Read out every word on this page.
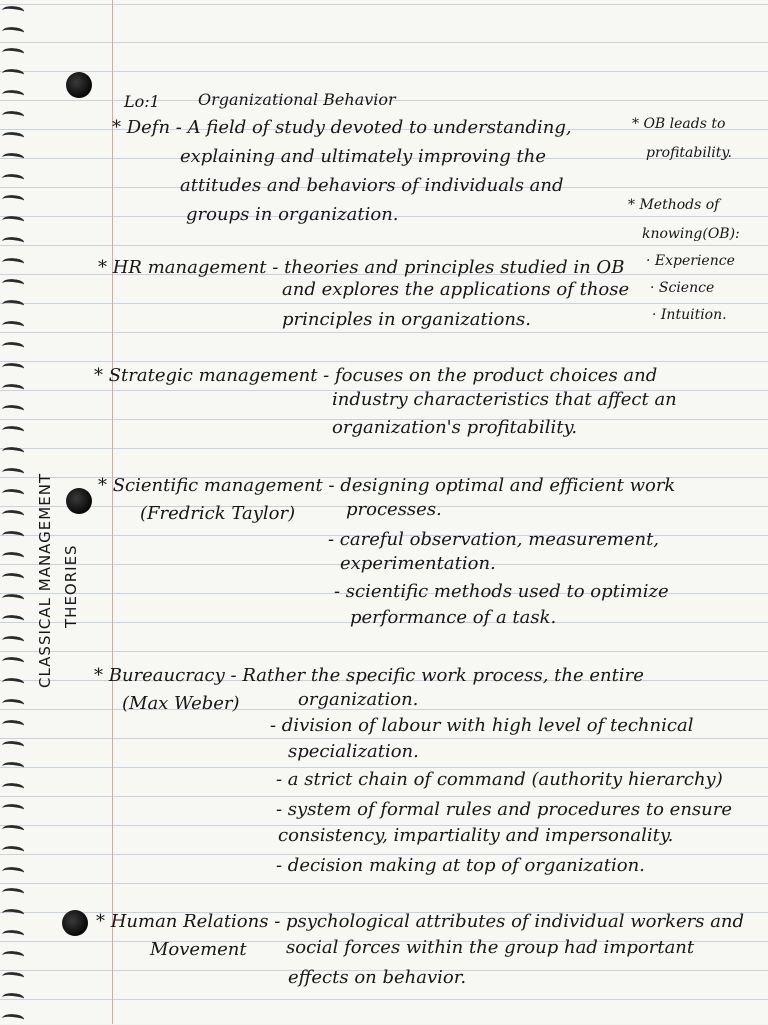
Lo:1 Organizational Behavior
* OB leads to
profitability.
* Methods of
knowing(OB):
· Experience
· Science
· Intuition.
CLASSICAL MANAGEMENT THEORIES
* Defn - A field of study devoted to understanding,
explaining and ultimately improving the
attitudes and behaviors of individuals and
groups in organization.
* HR management - theories and principles studied in OB
and explores the applications of those
principles in organizations.
* Strategic management - focuses on the product choices and
industry characteristics that affect an
organization's profitability.
* Scientific management - designing optimal and efficient work
(Fredrick Taylor)	processes.
- careful observation, measurement,
experimentation.
- scientific methods used to optimize
performance of a task.
* Bureaucracy - Rather the specific work process, the entire
(Max Weber)	organization.
- division of labour with high level of technical
specialization.
- a strict chain of command (authority hierarchy)
- system of formal rules and procedures to ensure
consistency, impartiality and impersonality.
- decision making at top of organization.
* Human Relations - psychological attributes of individual workers and
Movement social forces within the group had important
effects on behavior.
